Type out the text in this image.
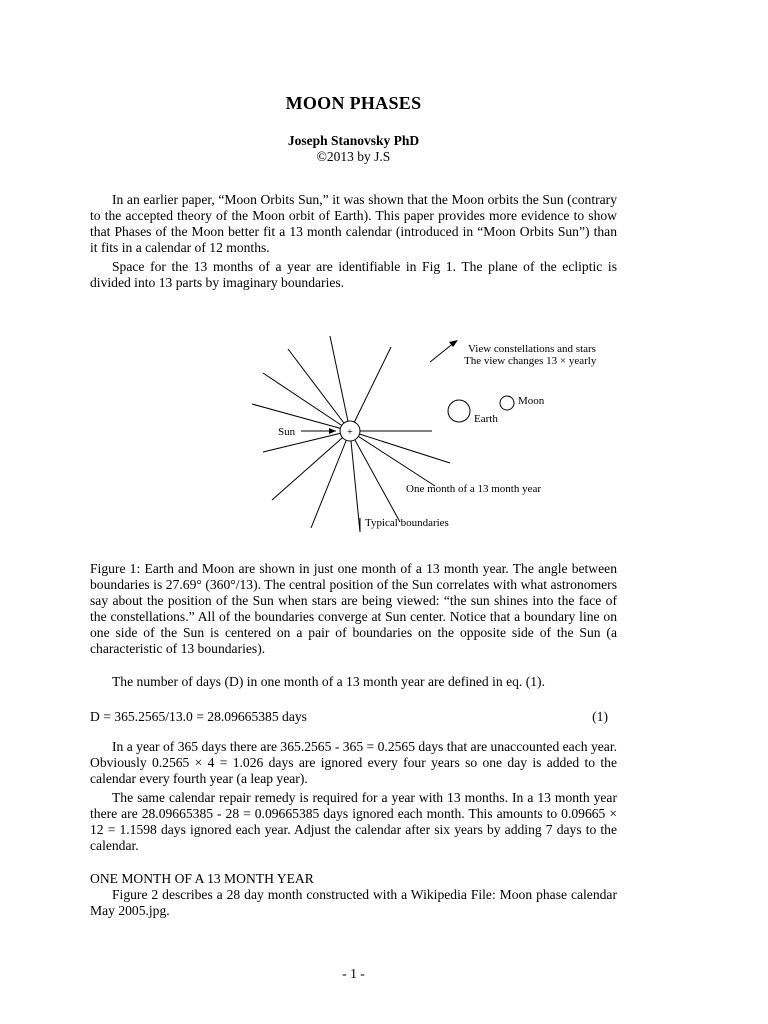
MOON PHASES
Joseph Stanovsky PhD
©2013 by J.S

In an earlier paper, “Moon Orbits Sun,” it was shown that the Moon orbits the Sun (contrary to the accepted theory of the Moon orbit of Earth). This paper provides more evidence to show that Phases of the Moon better fit a 13 month calendar (introduced in “Moon Orbits Sun”) than it fits in a calendar of 12 months.

Space for the 13 months of a year are identifiable in Fig 1. The plane of the ecliptic is divided into 13 parts by imaginary boundaries.

+
Sun
View constellations and stars
The view changes 13 × yearly
Earth
Moon
One month of a 13 month year
Typical boundaries

Figure 1: Earth and Moon are shown in just one month of a 13 month year. The angle between boundaries is 27.69° (360°/13). The central position of the Sun correlates with what astronomers say about the position of the Sun when stars are being viewed: “the sun shines into the face of the constellations.” All of the boundaries converge at Sun center. Notice that a boundary line on one side of the Sun is centered on a pair of boundaries on the opposite side of the Sun (a characteristic of 13 boundaries).

The number of days (D) in one month of a 13 month year are defined in eq. (1).

D = 365.2565/13.0 = 28.09665385 days	(1)

In a year of 365 days there are 365.2565 - 365 = 0.2565 days that are unaccounted each year. Obviously 0.2565 × 4 = 1.026 days are ignored every four years so one day is added to the calendar every fourth year (a leap year).

The same calendar repair remedy is required for a year with 13 months. In a 13 month year there are 28.09665385 - 28 = 0.09665385 days ignored each month. This amounts to 0.09665 × 12 = 1.1598 days ignored each year. Adjust the calendar after six years by adding 7 days to the calendar.

ONE MONTH OF A 13 MONTH YEAR

Figure 2 describes a 28 day month constructed with a Wikipedia File: Moon phase calendar May 2005.jpg.

- 1 -
